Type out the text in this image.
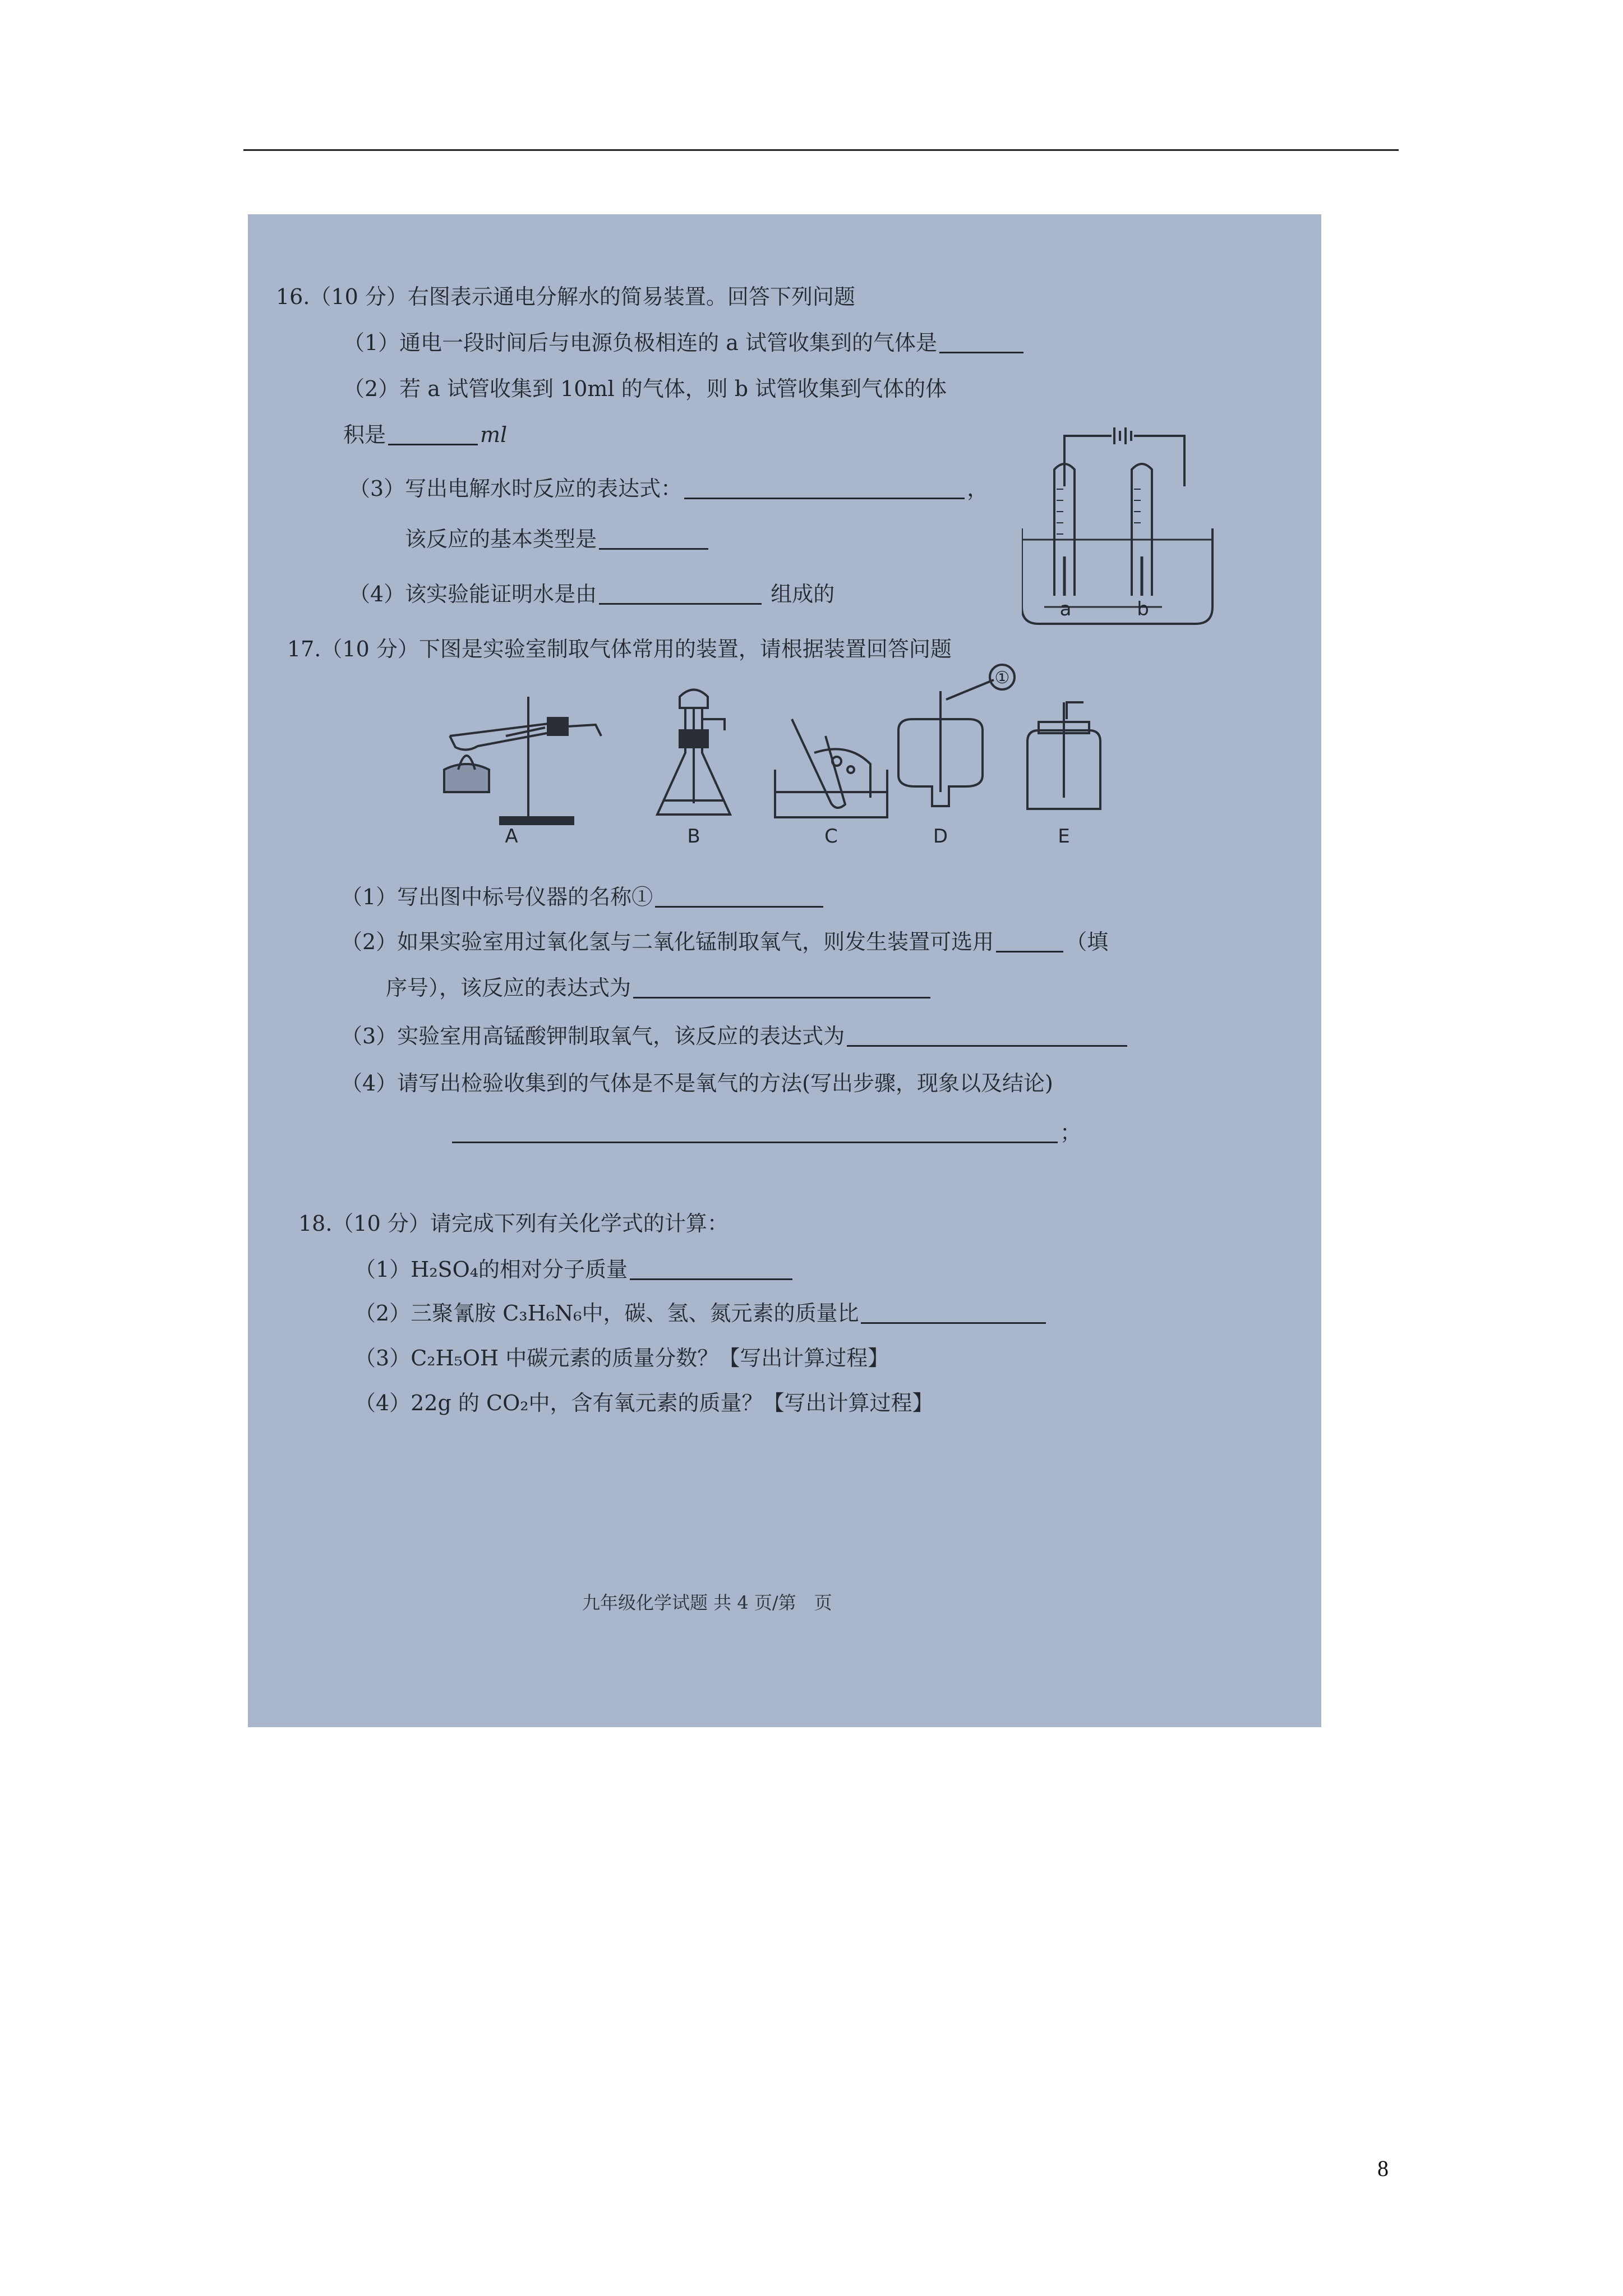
16.（10 分）右图表示通电分解水的简易装置。回答下列问题
（1）通电一段时间后与电源负极相连的 a 试管收集到的气体是
（2）若 a 试管收集到 10ml 的气体，则 b 试管收集到气体的体
积是	ml
（3）写出电解水时反应的表达式：	，
该反应的基本类型是
（4）该实验能证明水是由	组成的
a	b
17.（10 分）下图是实验室制取气体常用的装置，请根据装置回答问题
①
A	B	C	D	E
（1）写出图中标号仪器的名称①
（2）如果实验室用过氧化氢与二氧化锰制取氧气，则发生装置可选用	（填
序号），该反应的表达式为
（3）实验室用高锰酸钾制取氧气，该反应的表达式为
（4）请写出检验收集到的气体是不是氧气的方法(写出步骤，现象以及结论)
；
18.（10 分）请完成下列有关化学式的计算：
（1）H₂SO₄的相对分子质量
（2）三聚氰胺 C₃H₆N₆中，碳、氢、氮元素的质量比
（3）C₂H₅OH 中碳元素的质量分数？【写出计算过程】
（4）22g 的 CO₂中，含有氧元素的质量？【写出计算过程】
九年级化学试题 共 4 页/第　页
8
